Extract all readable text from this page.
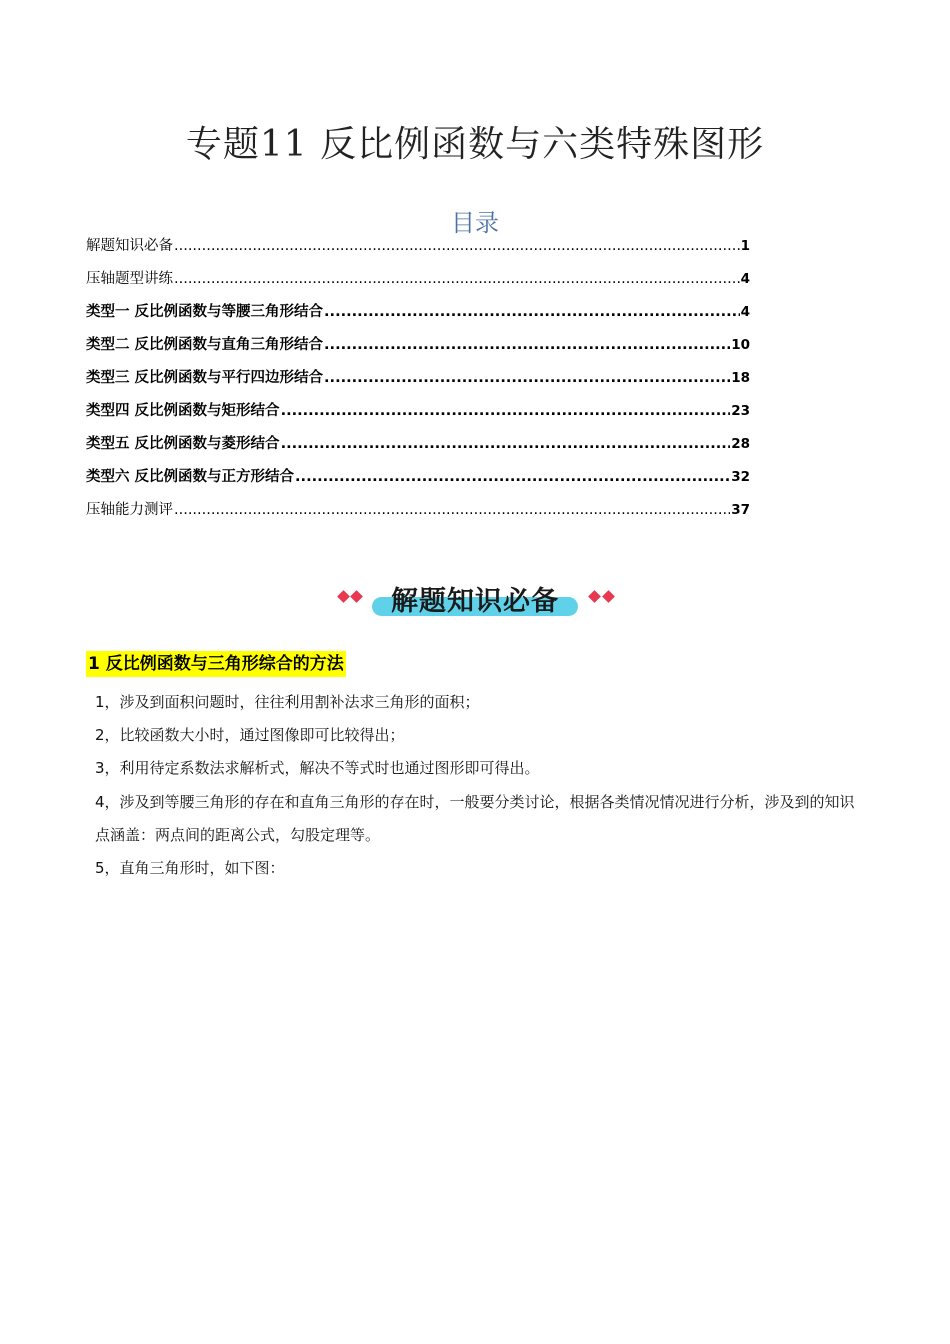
专题11 反比例函数与六类特殊图形
目录
解题知识必备 .....	1
压轴题型讲练 .....	4
类型一 反比例函数与等腰三角形结合 .....	4
类型二 反比例函数与直角三角形结合 .....	10
类型三 反比例函数与平行四边形结合 .....	18
类型四 反比例函数与矩形结合 .....	23
类型五 反比例函数与菱形结合 .....	28
类型六 反比例函数与正方形结合 .....	32
压轴能力测评 .....	37
解题知识必备
1 反比例函数与三角形综合的方法
1，涉及到面积问题时，往往利用割补法求三角形的面积；
2，比较函数大小时，通过图像即可比较得出；
3，利用待定系数法求解析式，解决不等式时也通过图形即可得出。
4，涉及到等腰三角形的存在和直角三角形的存在时，一般要分类讨论，根据各类情况情况进行分析，涉及到的知识点涵盖：两点间的距离公式，勾股定理等。
5，直角三角形时，如下图：
